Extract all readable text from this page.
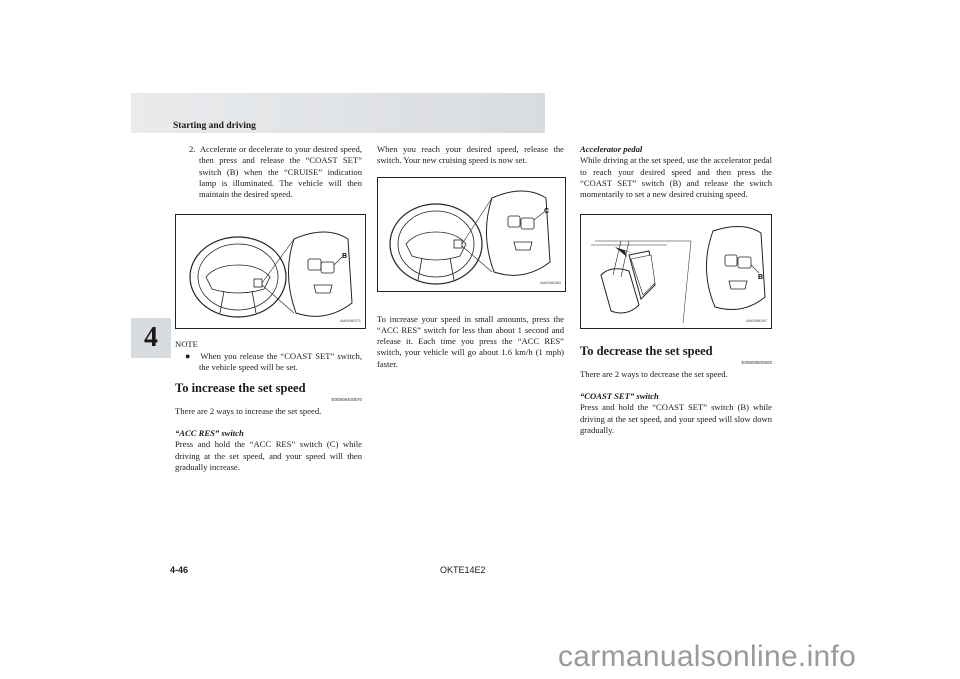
Starting and driving
4

2. Accelerate or decelerate to your desired speed, then press and release the “COAST SET” switch (B) when the “CRUISE” indication lamp is illuminated. The vehicle will then maintain the desired speed.

B
AA0096371

NOTE

● When you release the “COAST SET” switch, the vehicle speed will be set.

To increase the set speed
E00609400570

There are 2 ways to increase the set speed.

“ACC RES” switch

Press and hold the “ACC RES” switch (C) while driving at the set speed, and your speed will then gradually increase.

When you reach your desired speed, release the switch. Your new cruising speed is now set.

C
AA0096384

To increase your speed in small amounts, press the “ACC RES” switch for less than about 1 second and release it. Each time you press the “ACC RES” switch, your vehicle will go about 1.6 km/h (1 mph) faster.

Accelerator pedal

While driving at the set speed, use the accelerator pedal to reach your desired speed and then press the “COAST SET” switch (B) and release the switch momentarily to set a new desired cruising speed.

B
AA0096397
To decrease the set speed
E00609500500

There are 2 ways to decrease the set speed.

“COAST SET” switch

Press and hold the “COAST SET” switch (B) while driving at the set speed, and your speed will slow down gradually.

4-46	OKTE14E2
carmanualsonline.info
